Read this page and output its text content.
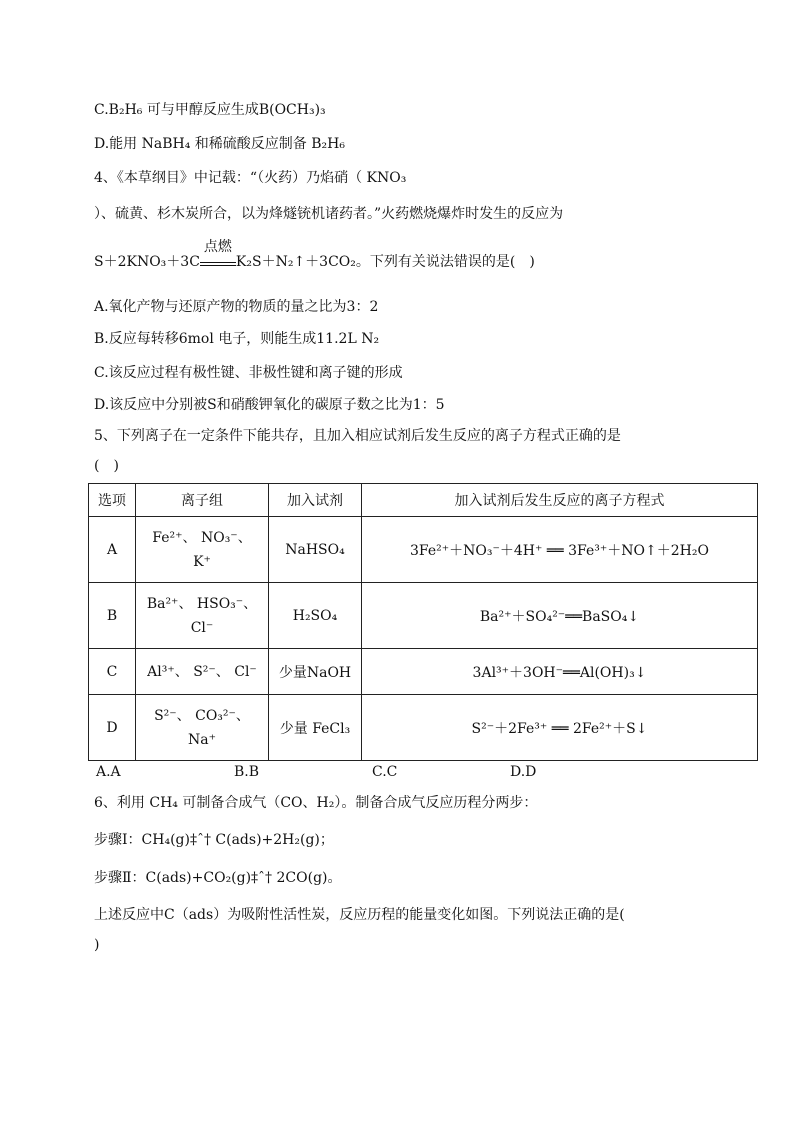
C.B₂H₆ 可与甲醇反应生成B(OCH₃)₃
D.能用 NaBH₄ 和稀硫酸反应制备 B₂H₆
4、《本草纲目》中记载：“（火药）乃焰硝（ KNO₃
）、硫黄、杉木炭所合，以为烽燧铳机诸药者。”火药燃烧爆炸时发生的反应为
S＋2KNO₃＋3C
点燃
K₂S＋N₂↑＋3CO₂。下列有关说法错误的是(　)
A.氧化产物与还原产物的物质的量之比为3：2
B.反应每转移6mol 电子，则能生成11.2L N₂
C.该反应过程有极性键、非极性键和离子键的形成
D.该反应中分别被S和硝酸钾氧化的碳原子数之比为1：5
5、下列离子在一定条件下能共存，且加入相应试剂后发生反应的离子方程式正确的是
(　)
选项	离子组	加入试剂	加入试剂后发生反应的离子方程式
A	Fe²⁺、 NO₃⁻、
K⁺	NaHSO₄	3Fe²⁺＋NO₃⁻＋4H⁺ ══ 3Fe³⁺＋NO↑＋2H₂O
B	Ba²⁺、 HSO₃⁻、
Cl⁻	H₂SO₄	Ba²⁺＋SO₄²⁻══BaSO₄↓
C	Al³⁺、 S²⁻、 Cl⁻	少量NaOH	3Al³⁺＋3OH⁻══Al(OH)₃↓
D	S²⁻、 CO₃²⁻、
Na⁺	少量 FeCl₃	S²⁻＋2Fe³⁺ ══ 2Fe²⁺＋S↓
A.A	B.B	C.C	D.D
6、利用 CH₄ 可制备合成气（CO、H₂）。制备合成气反应历程分两步：
步骤Ⅰ：CH₄(g)‡ˆ† C(ads)+2H₂(g)；
步骤Ⅱ：C(ads)+CO₂(g)‡ˆ† 2CO(g)。
上述反应中C（ads）为吸附性活性炭，反应历程的能量变化如图。下列说法正确的是(
)
